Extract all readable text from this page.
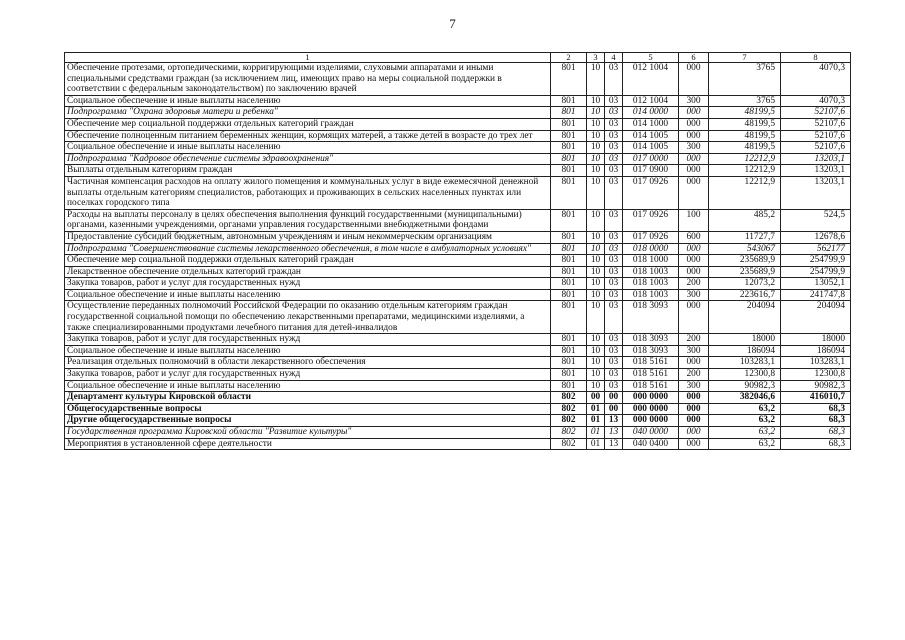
7
1	2	3	4	5	6	7	8
Обеспечение протезами, ортопедическими, корригирующими изделиями, слуховыми аппаратами и иными специальными средствами граждан (за исключением лиц, имеющих право на меры социальной поддержки в соответствии с федеральным законодательством) по заключению врачей	801	10	03	012 1004	000	3765	4070,3
Социальное обеспечение и иные выплаты населению	801	10	03	012 1004	300	3765	4070,3
Подпрограмма "Охрана здоровья матери и ребенка"	801	10	03	014 0000	000	48199,5	52107,6
Обеспечение мер социальной поддержки отдельных категорий граждан	801	10	03	014 1000	000	48199,5	52107,6
Обеспечение полноценным питанием беременных женщин, кормящих матерей, а также детей в возрасте до трех лет	801	10	03	014 1005	000	48199,5	52107,6
Социальное обеспечение и иные выплаты населению	801	10	03	014 1005	300	48199,5	52107,6
Подпрограмма "Кадровое обеспечение системы здравоохранения"	801	10	03	017 0000	000	12212,9	13203,1
Выплаты отдельным категориям граждан	801	10	03	017 0900	000	12212,9	13203,1
Частичная компенсация расходов на оплату жилого помещения и коммунальных услуг в виде ежемесячной денежной выплаты отдельным категориям специалистов, работающих и проживающих в сельских населенных пунктах или поселках городского типа	801	10	03	017 0926	000	12212,9	13203,1
Расходы на выплаты персоналу в целях обеспечения выполнения функций государственными (муниципальными) органами, казенными учреждениями, органами управления государственными внебюджетными фондами	801	10	03	017 0926	100	485,2	524,5
Предоставление субсидий бюджетным, автономным учреждениям и иным некоммерческим организациям	801	10	03	017 0926	600	11727,7	12678,6
Подпрограмма "Совершенствование системы лекарственного обеспечения, в том числе в амбулаторных условиях"	801	10	03	018 0000	000	543067	562177
Обеспечение мер социальной поддержки отдельных категорий граждан	801	10	03	018 1000	000	235689,9	254799,9
Лекарственное обеспечение отдельных категорий граждан	801	10	03	018 1003	000	235689,9	254799,9
Закупка товаров, работ и услуг для государственных нужд	801	10	03	018 1003	200	12073,2	13052,1
Социальное обеспечение и иные выплаты населению	801	10	03	018 1003	300	223616,7	241747,8
Осуществление переданных полномочий Российской Федерации по оказанию отдельным категориям граждан государственной социальной помощи по обеспечению лекарственными препаратами, медицинскими изделиями, а также специализированными продуктами лечебного питания для детей-инвалидов	801	10	03	018 3093	000	204094	204094
Закупка товаров, работ и услуг для государственных нужд	801	10	03	018 3093	200	18000	18000
Социальное обеспечение и иные выплаты населению	801	10	03	018 3093	300	186094	186094
Реализация отдельных полномочий в области лекарственного обеспечения	801	10	03	018 5161	000	103283,1	103283,1
Закупка товаров, работ и услуг для государственных нужд	801	10	03	018 5161	200	12300,8	12300,8
Социальное обеспечение и иные выплаты населению	801	10	03	018 5161	300	90982,3	90982,3
Департамент культуры Кировской области	802	00	00	000 0000	000	382046,6	416010,7
Общегосударственные вопросы	802	01	00	000 0000	000	63,2	68,3
Другие общегосударственные вопросы	802	01	13	000 0000	000	63,2	68,3
Государственная программа Кировской области "Развитие культуры"	802	01	13	040 0000	000	63,2	68,3
Мероприятия в установленной сфере деятельности	802	01	13	040 0400	000	63,2	68,3
